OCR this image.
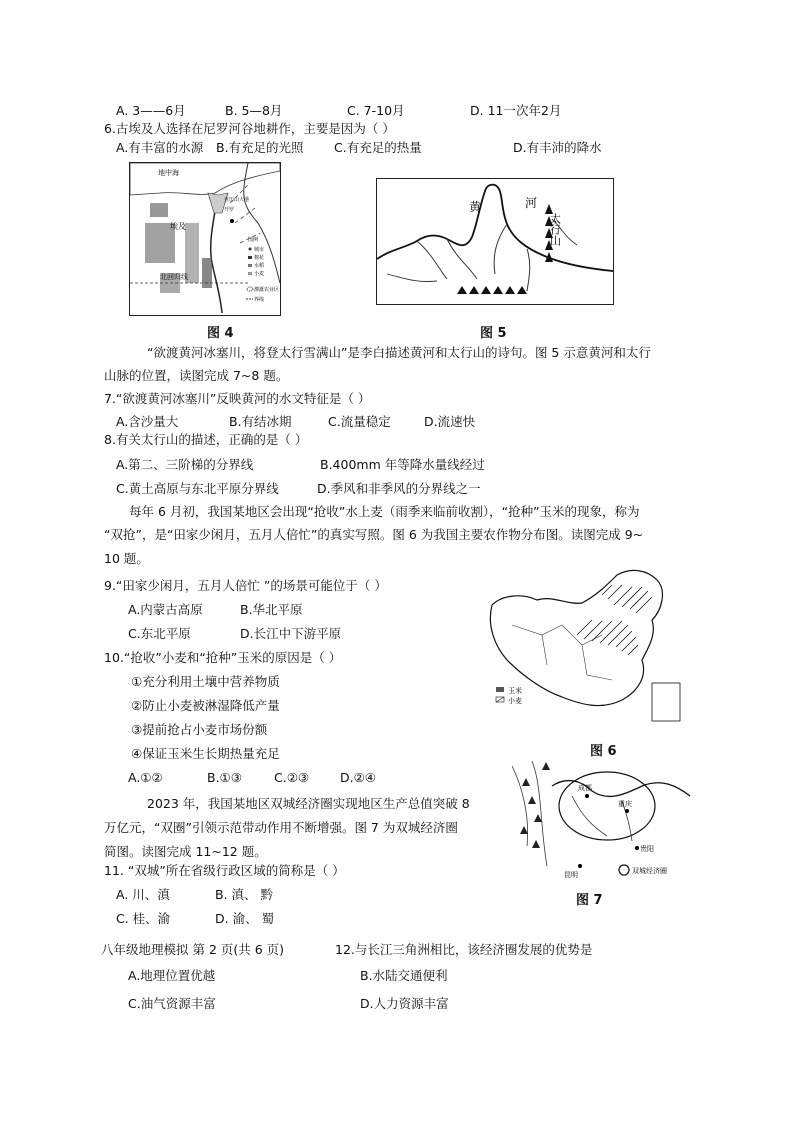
A. 3——6月	B. 5—8月	C. 7-10月	D. 11一次年2月
6.古埃及人选择在尼罗河谷地耕作，主要是因为（ ）
A.有丰富的水源 B.有充足的光照 C.有充足的热量	D.有丰沛的降水
地中海
埃及
北回归线
亚历山大港
开罗
图例
城市
棉花
水稻
小麦
灌溉农业区
界线
图 4
黄	河
太行山
图 5
“欲渡黄河冰塞川，将登太行雪满山”是李白描述黄河和太行山的诗句。图 5 示意黄河和太行
山脉的位置，读图完成 7~8 题。
7.“欲渡黄河冰塞川”反映黄河的水文特征是（ ）
A.含沙量大	B.有结冰期	C.流量稳定	D.流速快
8.有关太行山的描述，正确的是（ ）
A.第二、三阶梯的分界线	B.400mm 年等降水量线经过
C.黄土高原与东北平原分界线	D.季风和非季风的分界线之一
每年 6 月初，我国某地区会出现“抢收”水上麦（雨季来临前收割），“抢种”玉米的现象，称为
“双抢”，是“田家少闲月，五月人倍忙”的真实写照。图 6 为我国主要农作物分布图。读图完成 9~
10 题。
9.“田家少闲月，五月人倍忙 ”的场景可能位于（ ）
A.内蒙古高原	B.华北平原
C.东北平原	D.长江中下游平原
10.“抢收”小麦和“抢种”玉米的原因是（ ）
①充分利用土壤中营养物质
②防止小麦被淋湿降低产量
③提前抢占小麦市场份额
④保证玉米生长期热量充足
A.①②	B.①③	C.②③ D.②④
玉米
小麦
图 6
2023 年，我国某地区双城经济圈实现地区生产总值突破 8
万亿元，“双圈”引领示范带动作用不断增强。图 7 为双城经济圈
简图。读图完成 11~12 题。
成都
重庆
贵阳
昆明	双城经济圈
图 7
11. “双城”所在省级行政区域的简称是（ ）
A. 川、滇	B. 滇、 黔
C. 桂、渝	D. 渝、 蜀
八年级地理模拟 第 2 页(共 6 页)	12.与长江三角洲相比，该经济圈发展的优势是
A.地理位置优越	B.水陆交通便利
C.油气资源丰富	D.人力资源丰富
